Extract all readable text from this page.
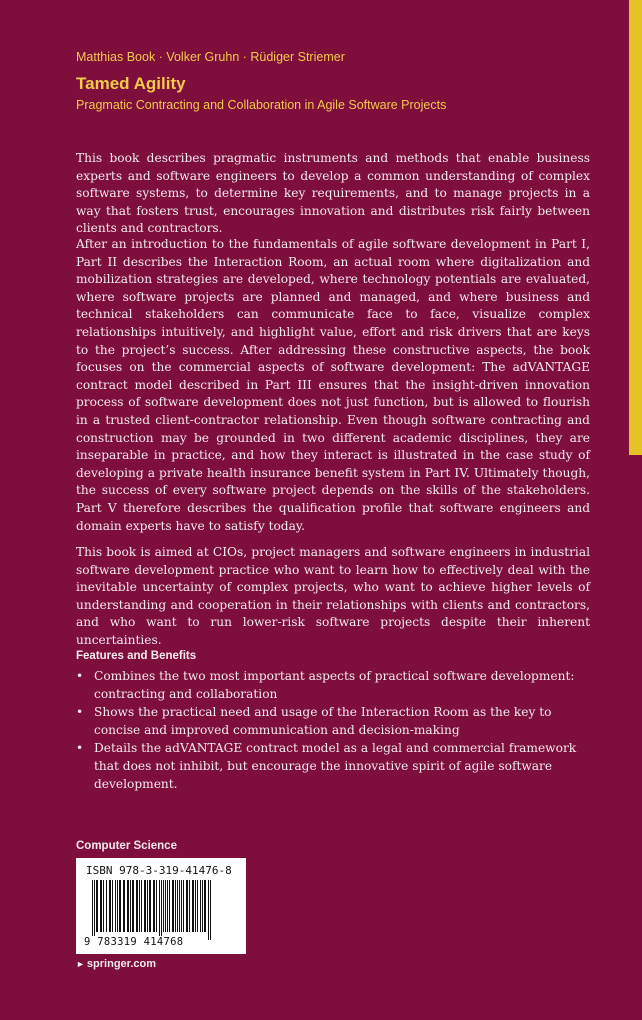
Matthias Book · Volker Gruhn · Rüdiger Striemer
Tamed Agility
Pragmatic Contracting and Collaboration in Agile Software Projects

This book describes pragmatic instruments and methods that enable business experts and software engineers to develop a common understanding of complex software systems, to determine key requirements, and to manage projects in a way that fosters trust, encourages innovation and distributes risk fairly between clients and contractors.

After an introduction to the fundamentals of agile software development in Part I, Part II describes the Interaction Room, an actual room where digitalization and mobilization strategies are developed, where technology potentials are evaluated, where software projects are planned and managed, and where business and technical stakeholders can communicate face to face, visualize complex relationships intuitively, and highlight value, effort and risk drivers that are keys to the project’s success. After addressing these constructive aspects, the book focuses on the commercial aspects of software development: The adVANTAGE contract model described in Part III ensures that the insight-driven innovation process of software development does not just function, but is allowed to flourish in a trusted client-contractor relationship. Even though software contracting and construction may be grounded in two different academic disciplines, they are inseparable in practice, and how they interact is illustrated in the case study of developing a private health insurance benefit system in Part IV. Ultimately though, the success of every software project depends on the skills of the stakeholders. Part V therefore describes the qualification profile that software engineers and domain experts have to satisfy today.

This book is aimed at CIOs, project managers and software engineers in industrial software development practice who want to learn how to effectively deal with the inevitable uncertainty of complex projects, who want to achieve higher levels of understanding and cooperation in their relationships with clients and contractors, and who want to run lower-risk software projects despite their inherent uncertainties.

Features and Benefits
• Combines the two most important aspects of practical software development: contracting and collaboration
• Shows the practical need and usage of the Interaction Room as the key to concise and improved communication and decision-making
• Details the adVANTAGE contract model as a legal and commercial framework that does not inhibit, but encourage the innovative spirit of agile software development.
Computer Science
ISBN 978-3-319-41476-8
9 783319 414768
► springer.com
